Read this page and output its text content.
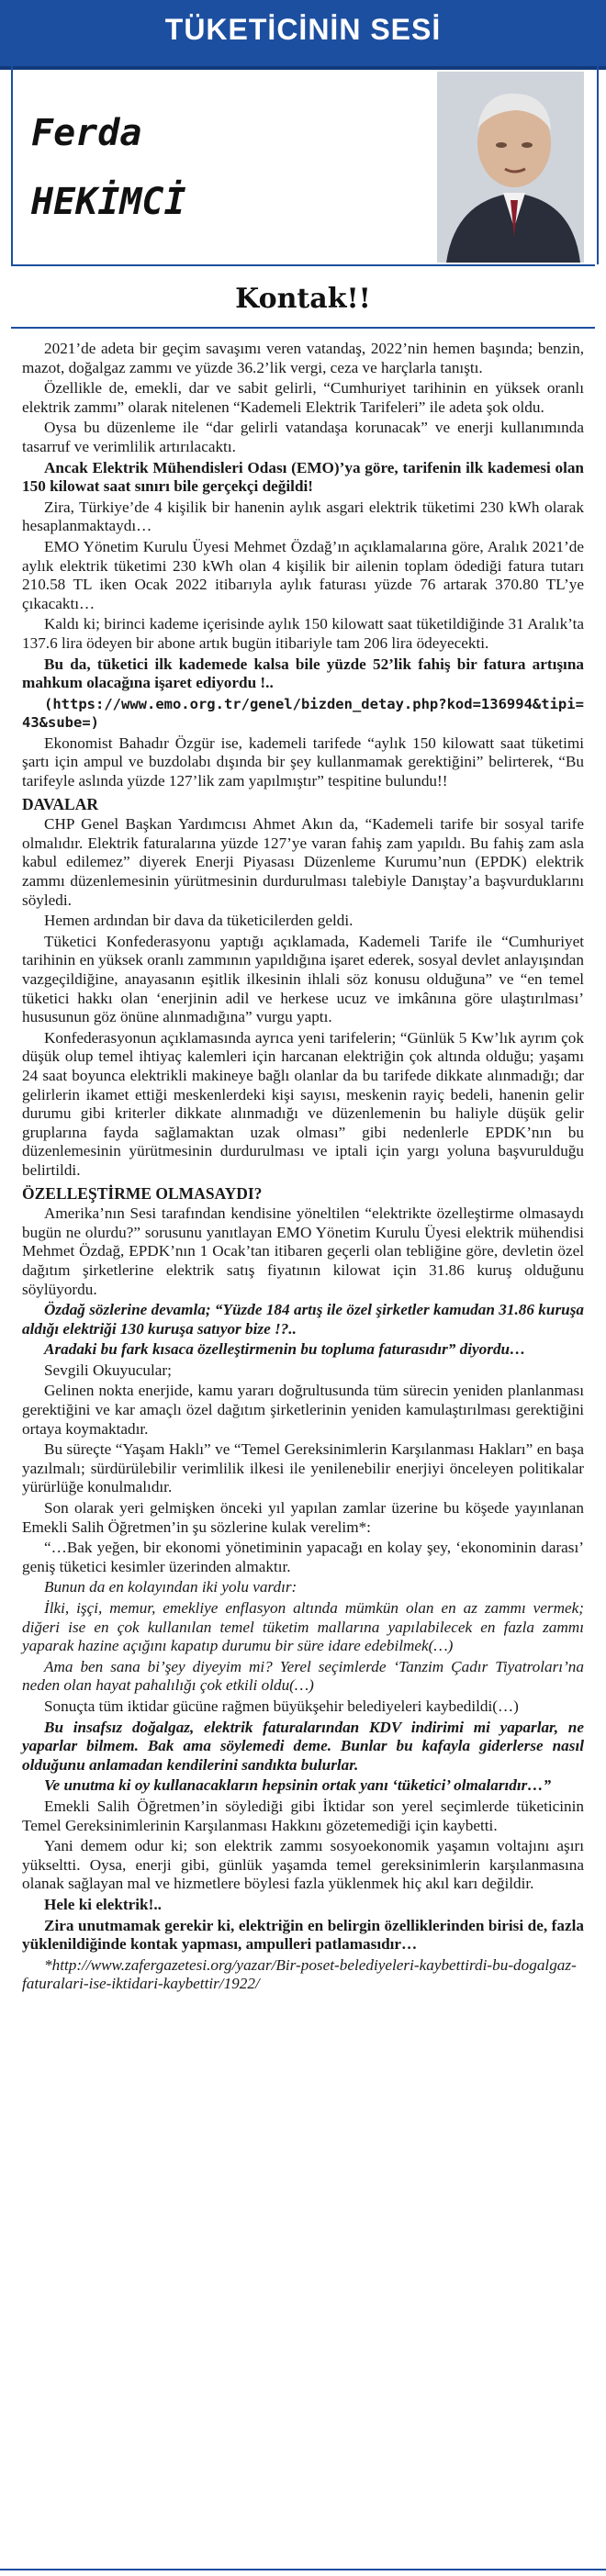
TÜKETİCİNİN SESİ
Ferda
HEKİMCİ
Kontak!!

2021’de adeta bir geçim savaşımı veren vatandaş, 2022’nin hemen başında; benzin, mazot, doğalgaz zammı ve yüzde 36.2’lik vergi, ceza ve harçlarla tanıştı.

Özellikle de, emekli, dar ve sabit gelirli, “Cumhuriyet tarihinin en yüksek oranlı elektrik zammı” olarak nitelenen “Kademeli Elektrik Tarifeleri” ile adeta şok oldu.

Oysa bu düzenleme ile “dar gelirli vatandaşa korunacak” ve enerji kullanımında tasarruf ve verimlilik artırılacaktı.

Ancak Elektrik Mühendisleri Odası (EMO)’ya göre, tarifenin ilk kademesi olan 150 kilowat saat sınırı bile gerçekçi değildi!

Zira, Türkiye’de 4 kişilik bir hanenin aylık asgari elektrik tüketimi 230 kWh olarak hesaplanmaktaydı…

EMO Yönetim Kurulu Üyesi Mehmet Özdağ’ın açıklamalarına göre, Aralık 2021’de aylık elektrik tüketimi 230 kWh olan 4 kişilik bir ailenin toplam ödediği fatura tutarı 210.58 TL iken Ocak 2022 itibarıyla aylık faturası yüzde 76 artarak 370.80 TL’ye çıkacaktı…

Kaldı ki; birinci kademe içerisinde aylık 150 kilowatt saat tüketildiğinde 31 Aralık’ta 137.6 lira ödeyen bir abone artık bugün itibariyle tam 206 lira ödeyecekti.

Bu da, tüketici ilk kademede kalsa bile yüzde 52’lik fahiş bir fatura artışına mahkum olacağına işaret ediyordu !..

(https://www.emo.org.tr/genel/bizden_detay.php?kod=136994&tipi=43&sube=)

Ekonomist Bahadır Özgür ise, kademeli tarifede “aylık 150 kilowatt saat tüketimi şartı için ampul ve buzdolabı dışında bir şey kullanmamak gerektiğini” belirterek, “Bu tarifeyle aslında yüzde 127’lik zam yapılmıştır” tespitine bulundu!!

DAVALAR

CHP Genel Başkan Yardımcısı Ahmet Akın da, “Kademeli tarife bir sosyal tarife olmalıdır. Elektrik faturalarına yüzde 127’ye varan fahiş zam yapıldı. Bu fahiş zam asla kabul edilemez” diyerek Enerji Piyasası Düzenleme Kurumu’nun (EPDK) elektrik zammı düzenlemesinin yürütmesinin durdurulması talebiyle Danıştay’a başvurduklarını söyledi.

Hemen ardından bir dava da tüketicilerden geldi.

Tüketici Konfederasyonu yaptığı açıklamada, Kademeli Tarife ile “Cumhuriyet tarihinin en yüksek oranlı zammının yapıldığına işaret ederek, sosyal devlet anlayışından vazgeçildiğine, anayasanın eşitlik ilkesinin ihlali söz konusu olduğuna” ve “en temel tüketici hakkı olan ‘enerjinin adil ve herkese ucuz ve imkânına göre ulaştırılması’ hususunun göz önüne alınmadığına” vurgu yaptı.

Konfederasyonun açıklamasında ayrıca yeni tarifelerin; “Günlük 5 Kw’lık ayrım çok düşük olup temel ihtiyaç kalemleri için harcanan elektriğin çok altında olduğu; yaşamı 24 saat boyunca elektrikli makineye bağlı olanlar da bu tarifede dikkate alınmadığı; dar gelirlerin ikamet ettiği meskenlerdeki kişi sayısı, meskenin rayiç bedeli, hanenin gelir durumu gibi kriterler dikkate alınmadığı ve düzenlemenin bu haliyle düşük gelir gruplarına fayda sağlamaktan uzak olması” gibi nedenlerle EPDK’nın bu düzenlemesinin yürütmesinin durdurulması ve iptali için yargı yoluna başvurulduğu belirtildi.

ÖZELLEŞTİRME OLMASAYDI?

Amerika’nın Sesi tarafından kendisine yöneltilen “elektrikte özelleştirme olmasaydı bugün ne olurdu?” sorusunu yanıtlayan EMO Yönetim Kurulu Üyesi elektrik mühendisi Mehmet Özdağ, EPDK’nın 1 Ocak’tan itibaren geçerli olan tebliğine göre, devletin özel dağıtım şirketlerine elektrik satış fiyatının kilowat için 31.86 kuruş olduğunu söylüyordu.

Özdağ sözlerine devamla; “Yüzde 184 artış ile özel şirketler kamudan 31.86 kuruşa aldığı elektriği 130 kuruşa satıyor bize !?..

Aradaki bu fark kısaca özelleştirmenin bu topluma faturasıdır” diyordu…

Sevgili Okuyucular;

Gelinen nokta enerjide, kamu yararı doğrultusunda tüm sürecin yeniden planlanması gerektiğini ve kar amaçlı özel dağıtım şirketlerinin yeniden kamulaştırılması gerektiğini ortaya koymaktadır.

Bu süreçte “Yaşam Haklı” ve “Temel Gereksinimlerin Karşılanması Hakları” en başa yazılmalı; sürdürülebilir verimlilik ilkesi ile yenilenebilir enerjiyi önceleyen politikalar yürürlüğe konulmalıdır.

Son olarak yeri gelmişken önceki yıl yapılan zamlar üzerine bu köşede yayınlanan Emekli Salih Öğretmen’in şu sözlerine kulak verelim*:

“…Bak yeğen, bir ekonomi yönetiminin yapacağı en kolay şey, ‘ekonominin darası’ geniş tüketici kesimler üzerinden almaktır.

Bunun da en kolayından iki yolu vardır:

İlki, işçi, memur, emekliye enflasyon altında mümkün olan en az zammı vermek; diğeri ise en çok kullanılan temel tüketim mallarına yapılabilecek en fazla zammı yaparak hazine açığını kapatıp durumu bir süre idare edebilmek(…)

Ama ben sana bi’şey diyeyim mi? Yerel seçimlerde ‘Tanzim Çadır Tiyatroları’na neden olan hayat pahalılığı çok etkili oldu(…)

Sonuçta tüm iktidar gücüne rağmen büyükşehir belediyeleri kaybedildi(…)

Bu insafsız doğalgaz, elektrik faturalarından KDV indirimi mi yaparlar, ne yaparlar bilmem. Bak ama söylemedi deme. Bunlar bu kafayla giderlerse nasıl olduğunu anlamadan kendilerini sandıkta bulurlar.

Ve unutma ki oy kullanacakların hepsinin ortak yanı ‘tüketici’ olmalarıdır…”

Emekli Salih Öğretmen’in söylediği gibi İktidar son yerel seçimlerde tüketicinin Temel Gereksinimlerinin Karşılanması Hakkını gözetemediği için kaybetti.

Yani demem odur ki; son elektrik zammı sosyoekonomik yaşamın voltajını aşırı yükseltti. Oysa, enerji gibi, günlük yaşamda temel gereksinimlerin karşılanmasına olanak sağlayan mal ve hizmetlere böylesi fazla yüklenmek hiç akıl karı değildir.

Hele ki elektrik!..

Zira unutmamak gerekir ki, elektriğin en belirgin özelliklerinden birisi de, fazla yüklenildiğinde kontak yapması, ampulleri patlamasıdır…

*http://www.zafergazetesi.org/yazar/Bir-poset-belediyeleri-kaybettirdi-bu-dogalgaz-faturalari-ise-iktidari-kaybettir/1922/
